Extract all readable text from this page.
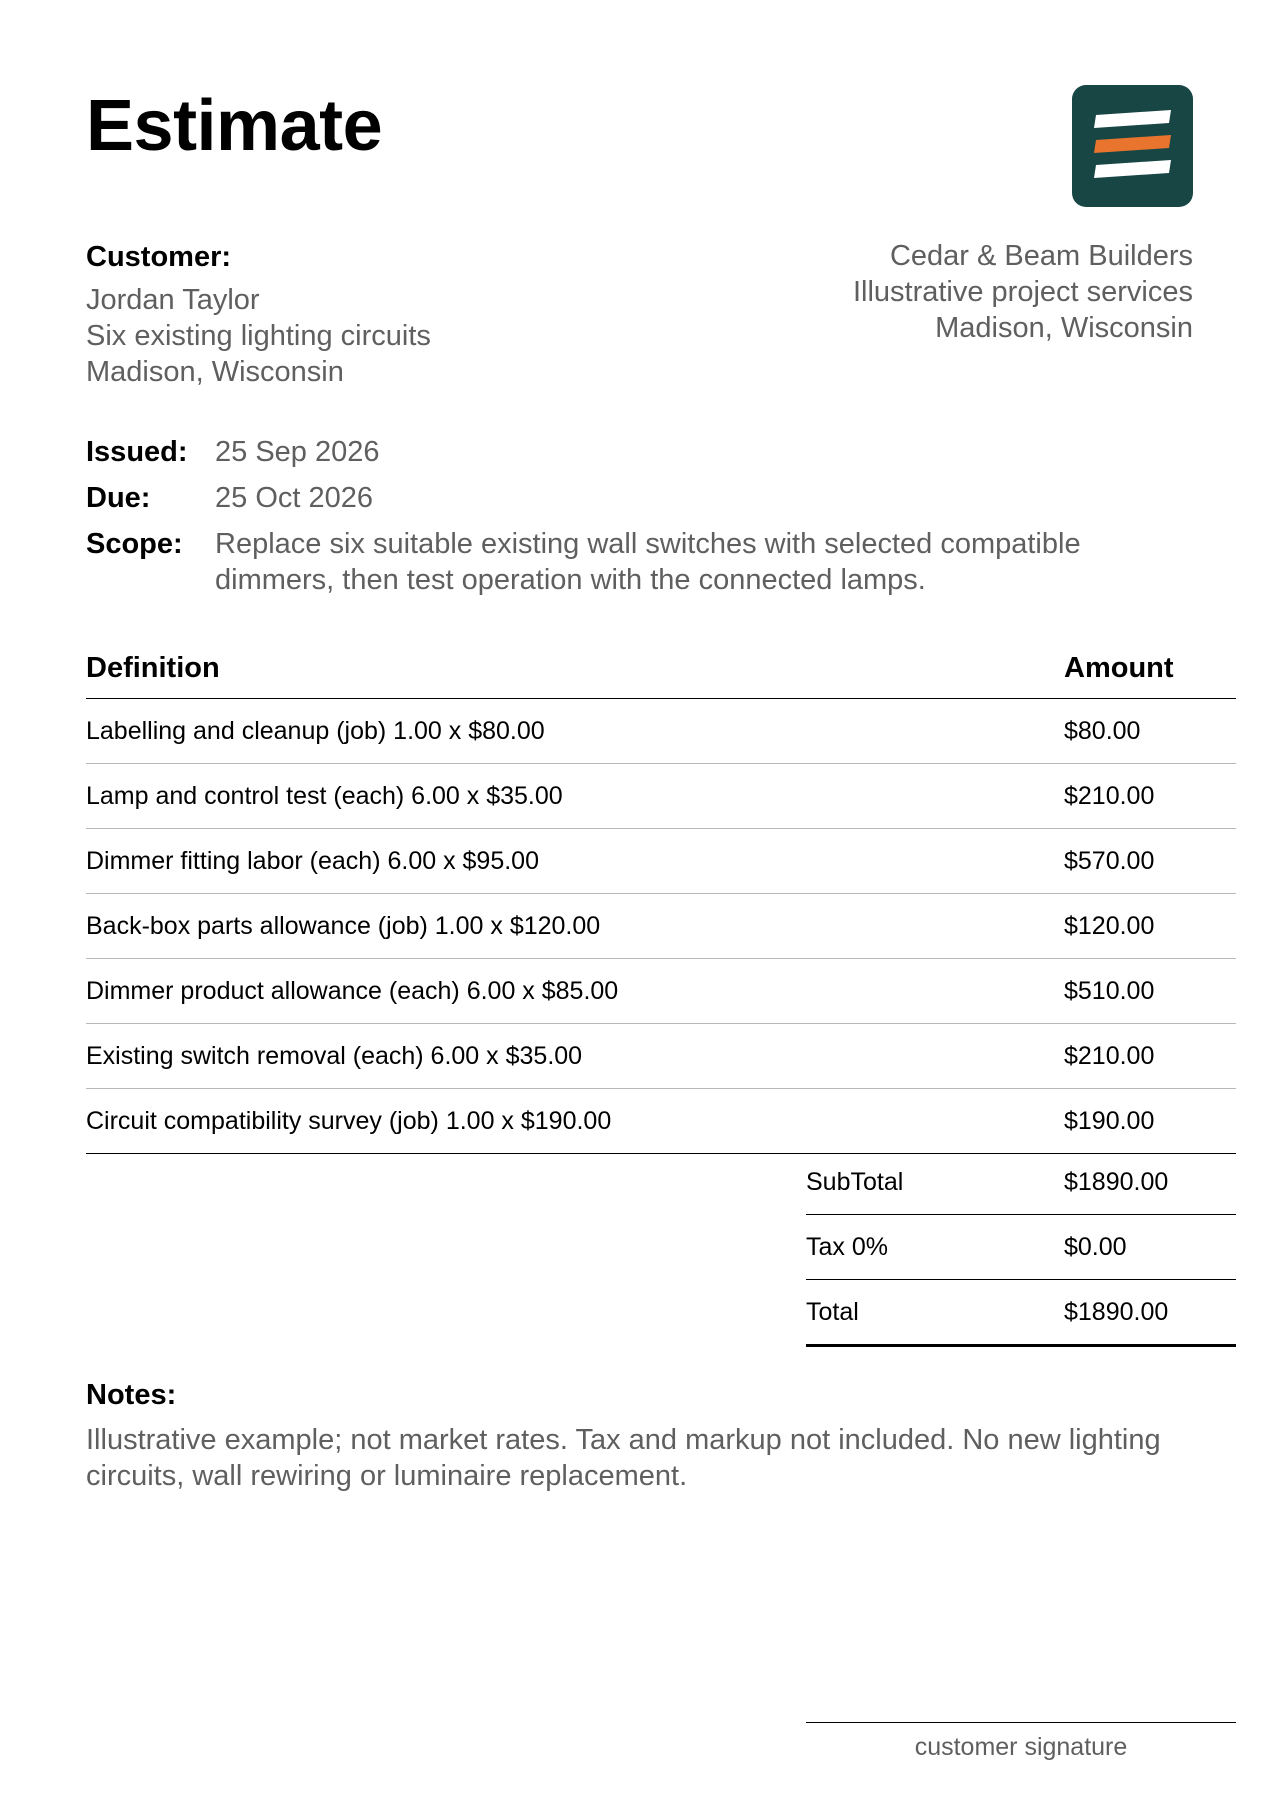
Estimate
Customer:
Jordan Taylor
Six existing lighting circuits
Madison, Wisconsin
Cedar & Beam Builders
Illustrative project services
Madison, Wisconsin
Issued: 25 Sep 2026
Due:	25 Oct 2026
Scope:	Replace six suitable existing wall switches with selected compatible dimmers, then test operation with the connected lamps.
Definition	Amount
Labelling and cleanup (job) 1.00 x $80.00	$80.00
Lamp and control test (each) 6.00 x $35.00	$210.00
Dimmer fitting labor (each) 6.00 x $95.00	$570.00
Back-box parts allowance (job) 1.00 x $120.00	$120.00
Dimmer product allowance (each) 6.00 x $85.00	$510.00
Existing switch removal (each) 6.00 x $35.00	$210.00
Circuit compatibility survey (job) 1.00 x $190.00	$190.00
SubTotal	$1890.00
Tax 0%	$0.00
Total	$1890.00
Notes:
Illustrative example; not market rates. Tax and markup not included. No new lighting circuits, wall rewiring or luminaire replacement.
customer signature
